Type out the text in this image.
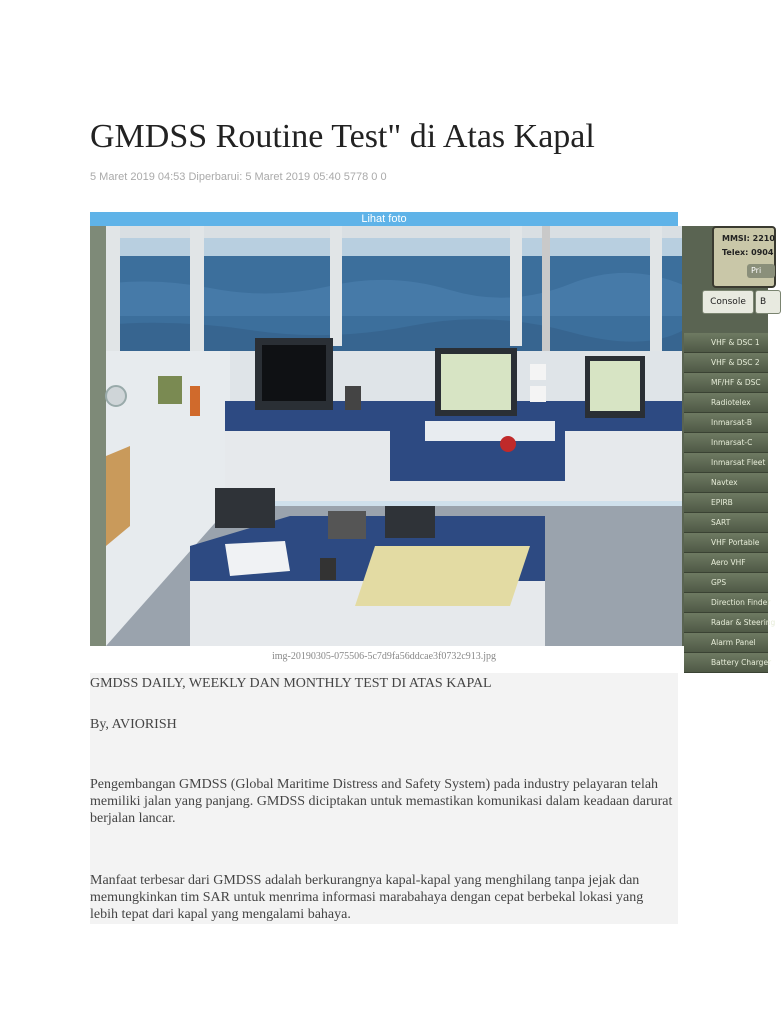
GMDSS Routine Test" di Atas Kapal
5 Maret 2019 04:53 Diperbarui: 5 Maret 2019 05:40 5778 0 0
Lihat foto
MMSI: 2210
Telex: 0904
Pri
Console	B
VHF & DSC 1
VHF & DSC 2
MF/HF & DSC
Radiotelex
Inmarsat-B
Inmarsat-C
Inmarsat Fleet
Navtex
EPIRB
SART
VHF Portable
Aero VHF
GPS
Direction Finder
Radar & Steering
Alarm Panel
Battery Charger
img-20190305-075506-5c7d9fa56ddcae3f0732c913.jpg

GMDSS DAILY, WEEKLY DAN MONTHLY TEST DI ATAS KAPAL

By, AVIORISH

Pengembangan GMDSS (Global Maritime Distress and Safety System) pada industry pelayaran telah memiliki jalan yang panjang. GMDSS diciptakan untuk memastikan komunikasi dalam keadaan darurat berjalan lancar.

Manfaat terbesar dari GMDSS adalah berkurangnya kapal-kapal yang menghilang tanpa jejak dan memungkinkan tim SAR untuk menrima informasi marabahaya dengan cepat berbekal lokasi yang lebih tepat dari kapal yang mengalami bahaya.
